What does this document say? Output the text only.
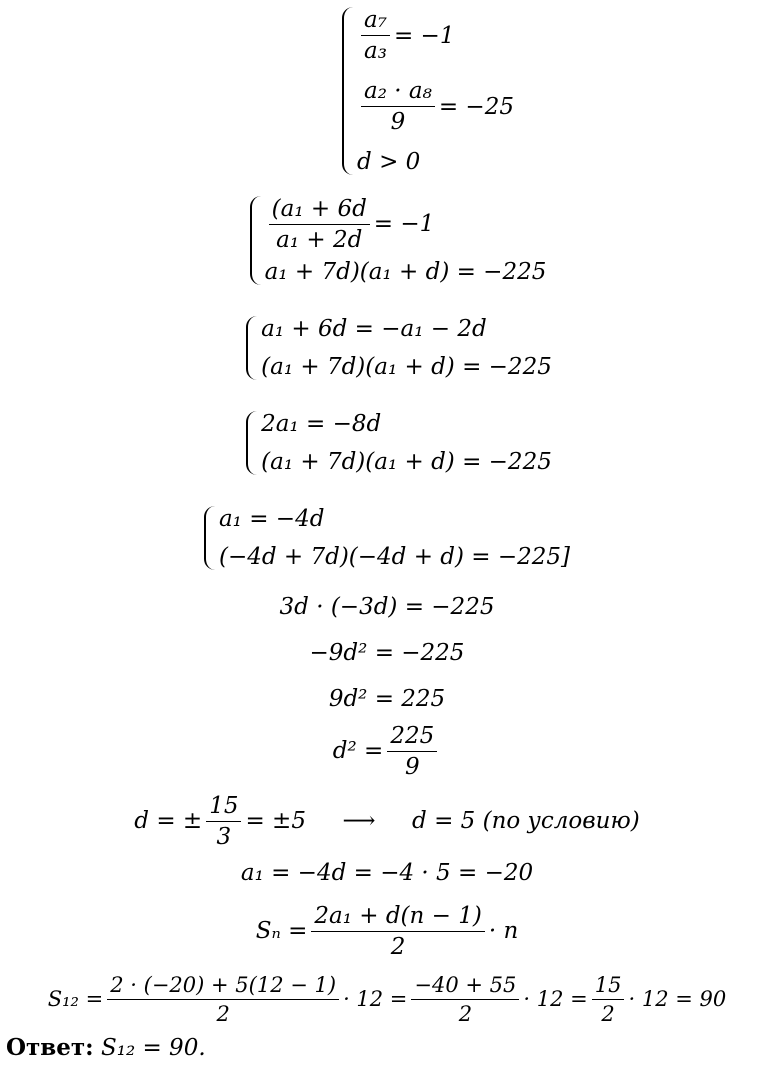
$\frac{\text{a₇}}{\text{a₃}} = -1$
$\frac{\text{a₂ · a₈}}{9} = -25$
d > 0
$\frac{\text{(a₁ + 6d}}{\text{a₁ + 2d}} = -1$
a₁ + 7d)(a₁ + d) = −225
a₁ + 6d = −a₁ − 2d
(a₁ + 7d)(a₁ + d) = −225
2a₁ = −8d
(a₁ + 7d)(a₁ + d) = −225
a₁ = −4d
(−4d + 7d)(−4d + d) = −225]
3d · (−3d) = −225
−9d² = −225
9d² = 225
$d^2 = \frac{225}{9}$
d = ± $\frac{15}{3} = \pm 5$     ⟶     d = 5 (по условию)
a₁ = −4d = −4 · 5 = −20
$S_n = \frac{\text{2a₁ + d(n − 1)}}{2} \cdot n$
$S_{12} = \frac{2 \cdot (-20) + 5(12 - 1)}{2} \cdot 12 = \frac{-40 + 55}{2} \cdot 12 = \frac{15}{2} \cdot 12 = 90$
Ответ: S₁₂ = 90.
